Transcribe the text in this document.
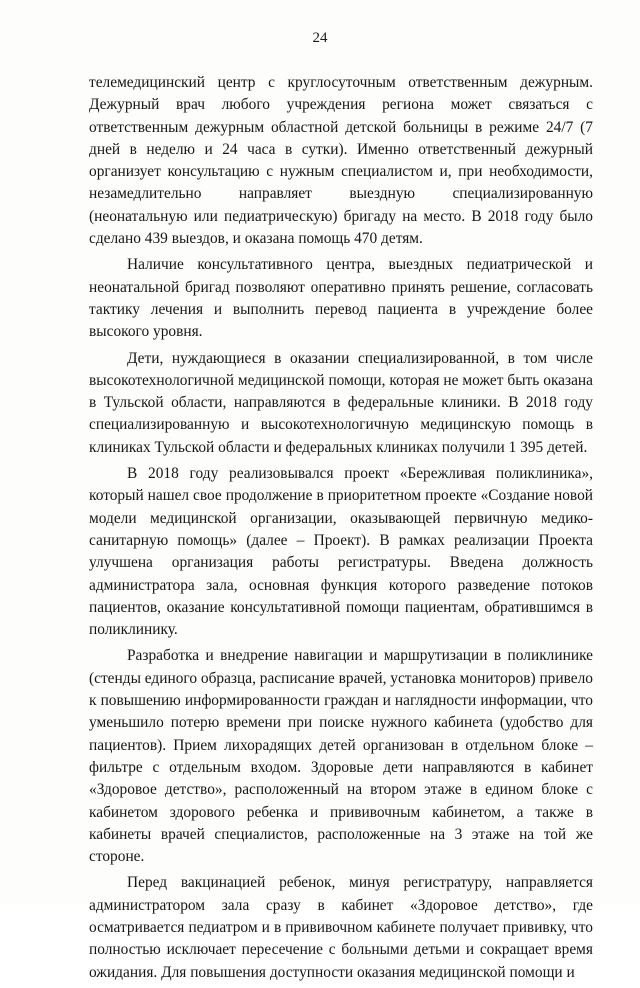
24

телемедицинский центр с круглосуточным ответственным дежурным. Дежурный врач любого учреждения региона может связаться с ответственным дежурным областной детской больницы в режиме 24/7 (7 дней в неделю и 24 часа в сутки). Именно ответственный дежурный организует консультацию с нужным специалистом и, при необходимости, незамедлительно направляет выездную специализированную (неонатальную или педиатрическую) бригаду на место. В 2018 году было сделано 439 выездов, и оказана помощь 470 детям.

Наличие консультативного центра, выездных педиатрической и неонатальной бригад позволяют оперативно принять решение, согласовать тактику лечения и выполнить перевод пациента в учреждение более высокого уровня.

Дети, нуждающиеся в оказании специализированной, в том числе высокотехнологичной медицинской помощи, которая не может быть оказана в Тульской области, направляются в федеральные клиники. В 2018 году специализированную и высокотехнологичную медицинскую помощь в клиниках Тульской области и федеральных клиниках получили 1 395 детей.

В 2018 году реализовывался проект «Бережливая поликлиника», который нашел свое продолжение в приоритетном проекте «Создание новой модели медицинской организации, оказывающей первичную медико-санитарную помощь» (далее – Проект). В рамках реализации Проекта улучшена организация работы регистратуры. Введена должность администратора зала, основная функция которого разведение потоков пациентов, оказание консультативной помощи пациентам, обратившимся в поликлинику.

Разработка и внедрение навигации и маршрутизации в поликлинике (стенды единого образца, расписание врачей, установка мониторов) привело к повышению информированности граждан и наглядности информации, что уменьшило потерю времени при поиске нужного кабинета (удобство для пациентов). Прием лихорадящих детей организован в отдельном блоке – фильтре с отдельным входом. Здоровые дети направляются в кабинет «Здоровое детство», расположенный на втором этаже в едином блоке с кабинетом здорового ребенка и прививочным кабинетом, а также в кабинеты врачей специалистов, расположенные на 3 этаже на той же стороне.

Перед вакцинацией ребенок, минуя регистратуру, направляется администратором зала сразу в кабинет «Здоровое детство», где осматривается педиатром и в прививочном кабинете получает прививку, что полностью исключает пересечение с больными детьми и сокращает время ожидания. Для повышения доступности оказания медицинской помощи и
